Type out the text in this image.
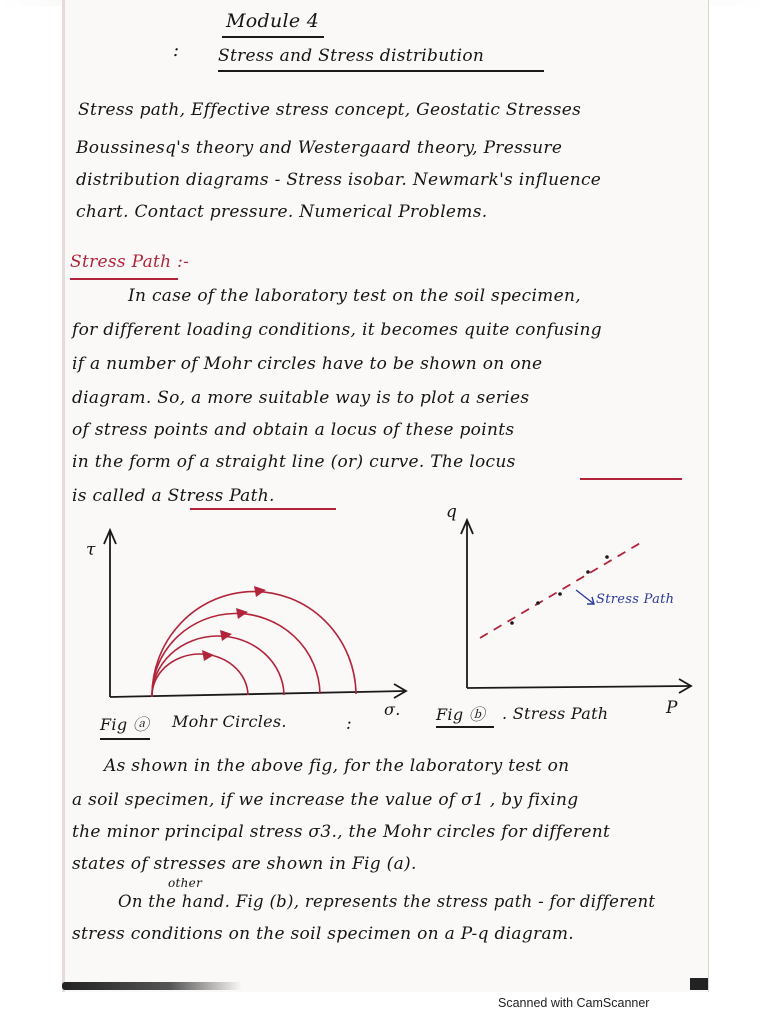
Module 4
: Stress and Stress distribution
Stress path, Effective stress concept, Geostatic Stresses
Boussinesq's theory and Westergaard theory, Pressure
distribution diagrams - Stress isobar. Newmark's influence
chart. Contact pressure. Numerical Problems.
Stress Path :-
In case of the laboratory test on the soil specimen,
for different loading conditions, it becomes quite confusing
if a number of Mohr circles have to be shown on one
diagram. So, a more suitable way is to plot a series
of stress points and obtain a locus of these points
in the form of a straight line (or) curve. The locus
is called a Stress Path.
τ
σ.
Fig ⓐ Mohr Circles.	:
q
P
Stress Path
Fig ⓑ . Stress Path
As shown in the above fig, for the laboratory test on
a soil specimen, if we increase the value of σ1 , by fixing
the minor principal stress σ3., the Mohr circles for different
states of stresses are shown in Fig (a).
other
On the hand. Fig (b), represents the stress path - for different
stress conditions on the soil specimen on a P-q diagram.
Scanned with CamScanner
